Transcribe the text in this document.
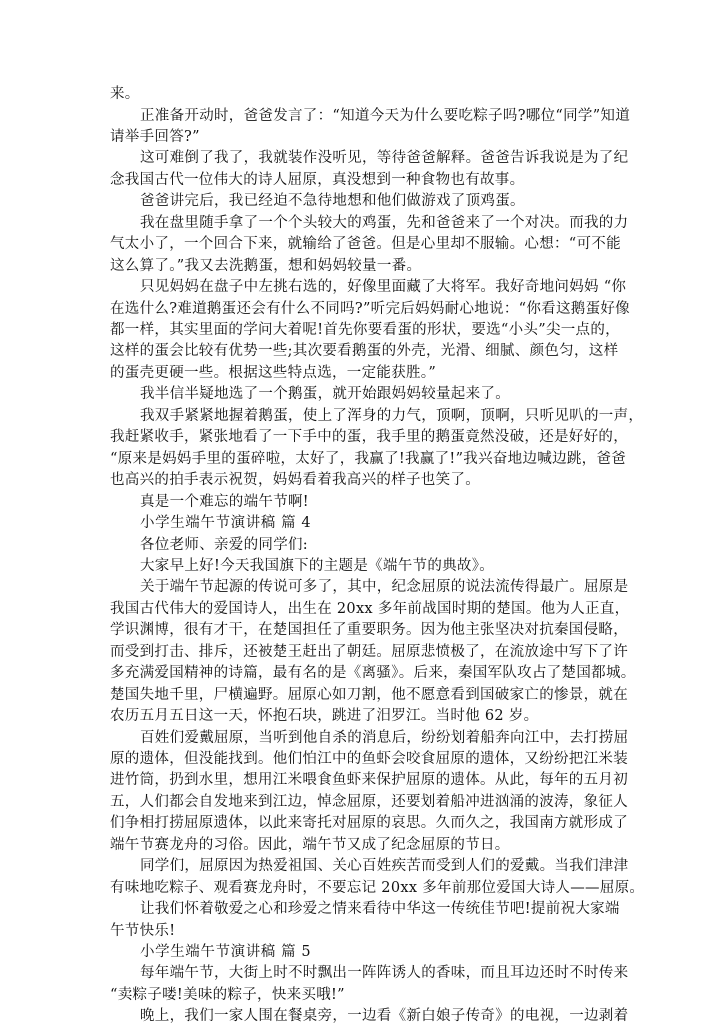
来。
正准备开动时，爸爸发言了：“知道今天为什么要吃粽子吗?哪位“同学”知道
请举手回答?”
这可难倒了我了，我就装作没听见，等待爸爸解释。爸爸告诉我说是为了纪
念我国古代一位伟大的诗人屈原，真没想到一种食物也有故事。
爸爸讲完后，我已经迫不急待地想和他们做游戏了顶鸡蛋。
我在盘里随手拿了一个个头较大的鸡蛋，先和爸爸来了一个对决。而我的力
气太小了，一个回合下来，就输给了爸爸。但是心里却不服输。心想：“可不能
这么算了。”我又去洗鹅蛋，想和妈妈较量一番。
只见妈妈在盘子中左挑右选的，好像里面藏了大将军。我好奇地问妈妈 “你
在选什么?难道鹅蛋还会有什么不同吗?”听完后妈妈耐心地说：“你看这鹅蛋好像
都一样，其实里面的学问大着呢!首先你要看蛋的形状，要选“小头”尖一点的，
这样的蛋会比较有优势一些;其次要看鹅蛋的外壳，光滑、细腻、颜色匀，这样
的蛋壳更硬一些。根据这些特点选，一定能获胜。”
我半信半疑地选了一个鹅蛋，就开始跟妈妈较量起来了。
我双手紧紧地握着鹅蛋，使上了浑身的力气，顶啊，顶啊，只听见叭的一声，
我赶紧收手，紧张地看了一下手中的蛋，我手里的鹅蛋竟然没破，还是好好的，
“原来是妈妈手里的蛋碎啦，太好了，我赢了!我赢了!”我兴奋地边喊边跳，爸爸
也高兴的拍手表示祝贺，妈妈看着我高兴的样子也笑了。
真是一个难忘的端午节啊!
小学生端午节演讲稿 篇 4
各位老师、亲爱的同学们:
大家早上好!今天我国旗下的主题是《端午节的典故》。
关于端午节起源的传说可多了，其中，纪念屈原的说法流传得最广。屈原是
我国古代伟大的爱国诗人，出生在 20xx 多年前战国时期的楚国。他为人正直，
学识渊博，很有才干，在楚国担任了重要职务。因为他主张坚决对抗秦国侵略，
而受到打击、排斥，还被楚王赶出了朝廷。屈原悲愤极了，在流放途中写下了许
多充满爱国精神的诗篇，最有名的是《离骚》。后来，秦国军队攻占了楚国都城。
楚国失地千里，尸横遍野。屈原心如刀割，他不愿意看到国破家亡的惨景，就在
农历五月五日这一天，怀抱石块，跳进了汨罗江。当时他 62 岁。
百姓们爱戴屈原，当听到他自杀的消息后，纷纷划着船奔向江中，去打捞屈
原的遗体，但没能找到。他们怕江中的鱼虾会咬食屈原的遗体，又纷纷把江米装
进竹筒，扔到水里，想用江米喂食鱼虾来保护屈原的遗体。从此，每年的五月初
五，人们都会自发地来到江边，悼念屈原，还要划着船冲进汹涌的波涛，象征人
们争相打捞屈原遗体，以此来寄托对屈原的哀思。久而久之，我国南方就形成了
端午节赛龙舟的习俗。因此，端午节又成了纪念屈原的节日。
同学们，屈原因为热爱祖国、关心百姓疾苦而受到人们的爱戴。当我们津津
有味地吃粽子、观看赛龙舟时，不要忘记 20xx 多年前那位爱国大诗人——屈原。
让我们怀着敬爱之心和珍爱之情来看待中华这一传统佳节吧!提前祝大家端
午节快乐!
小学生端午节演讲稿 篇 5
每年端午节，大街上时不时飘出一阵阵诱人的香味，而且耳边还时不时传来
“卖粽子喽!美味的粽子，快来买哦!”
晚上，我们一家人围在餐桌旁，一边看《新白娘子传奇》的电视，一边剥着
